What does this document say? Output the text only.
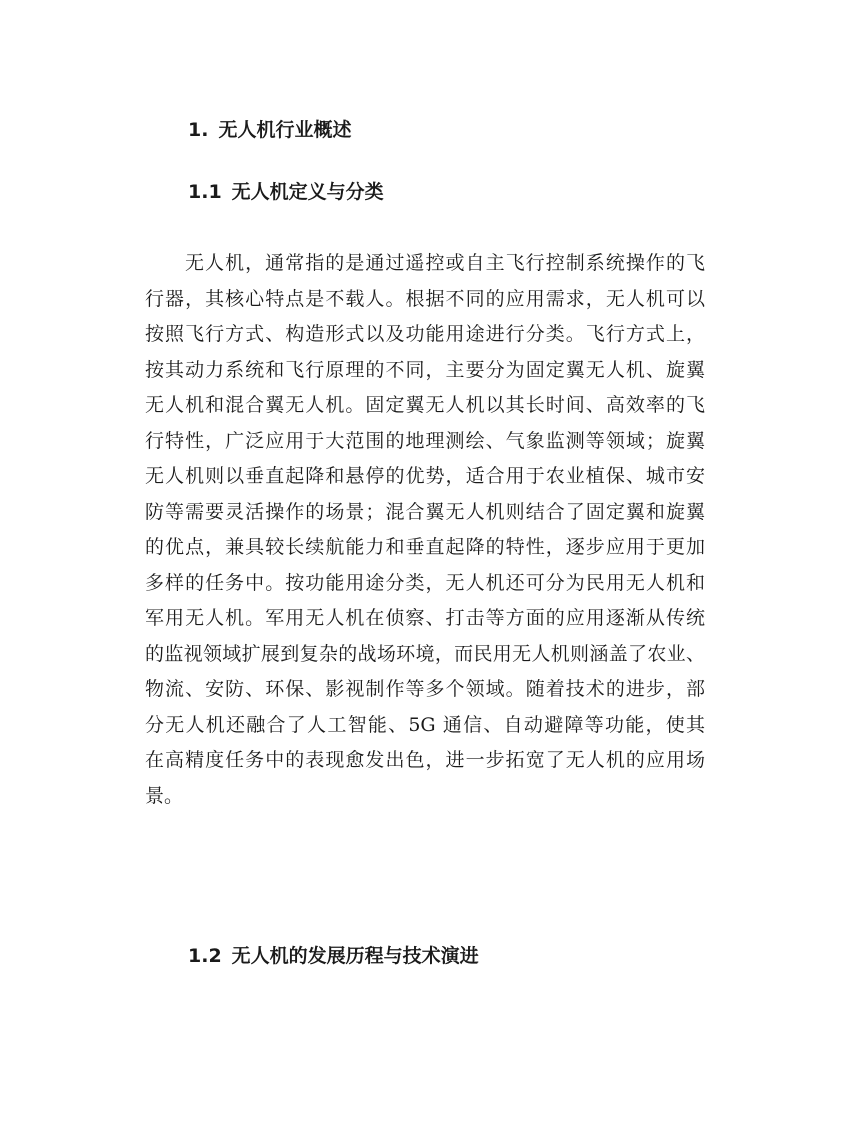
1. 无人机行业概述
1.1 无人机定义与分类

无人机，通常指的是通过遥控或自主飞行控制系统操作的飞
行器，其核心特点是不载人。根据不同的应用需求，无人机可以
按照飞行方式、构造形式以及功能用途进行分类。飞行方式上，
按其动力系统和飞行原理的不同，主要分为固定翼无人机、旋翼
无人机和混合翼无人机。固定翼无人机以其长时间、高效率的飞
行特性，广泛应用于大范围的地理测绘、气象监测等领域；旋翼
无人机则以垂直起降和悬停的优势，适合用于农业植保、城市安
防等需要灵活操作的场景；混合翼无人机则结合了固定翼和旋翼
的优点，兼具较长续航能力和垂直起降的特性，逐步应用于更加
多样的任务中。按功能用途分类，无人机还可分为民用无人机和
军用无人机。军用无人机在侦察、打击等方面的应用逐渐从传统
的监视领域扩展到复杂的战场环境，而民用无人机则涵盖了农业、
物流、安防、环保、影视制作等多个领域。随着技术的进步，部
分无人机还融合了人工智能、5G 通信、自动避障等功能，使其
在高精度任务中的表现愈发出色，进一步拓宽了无人机的应用场
景。

1.2 无人机的发展历程与技术演进
